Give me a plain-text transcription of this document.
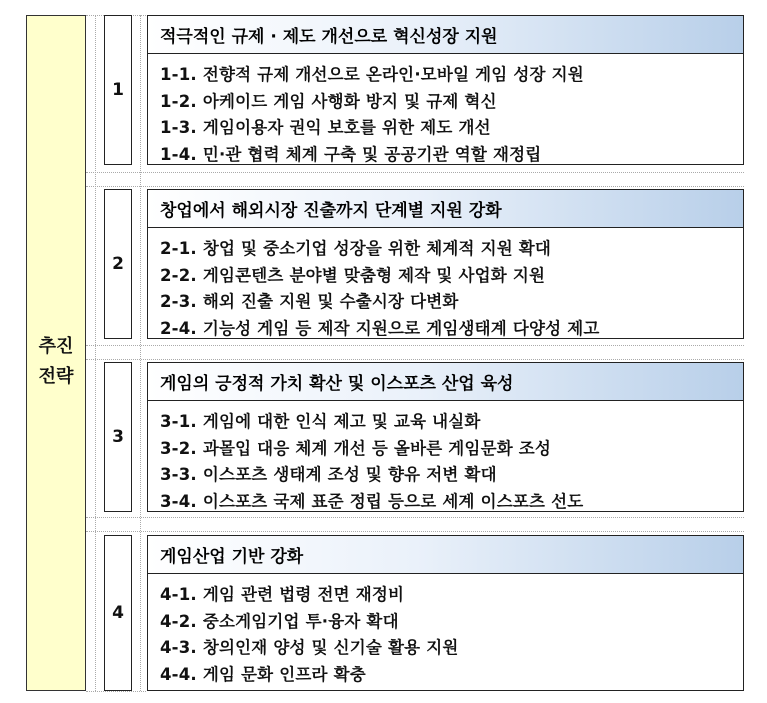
추진
전략
1
적극적인 규제 · 제도 개선으로 혁신성장 지원
1-1. 전향적 규제 개선으로 온라인·모바일 게임 성장 지원
1-2. 아케이드 게임 사행화 방지 및 규제 혁신
1-3. 게임이용자 권익 보호를 위한 제도 개선
1-4. 민·관 협력 체계 구축 및 공공기관 역할 재정립
2
창업에서 해외시장 진출까지 단계별 지원 강화
2-1. 창업 및 중소기업 성장을 위한 체계적 지원 확대
2-2. 게임콘텐츠 분야별 맞춤형 제작 및 사업화 지원
2-3. 해외 진출 지원 및 수출시장 다변화
2-4. 기능성 게임 등 제작 지원으로 게임생태계 다양성 제고
3
게임의 긍정적 가치 확산 및 이스포츠 산업 육성
3-1. 게임에 대한 인식 제고 및 교육 내실화
3-2. 과몰입 대응 체계 개선 등 올바른 게임문화 조성
3-3. 이스포츠 생태계 조성 및 향유 저변 확대
3-4. 이스포츠 국제 표준 정립 등으로 세계 이스포츠 선도
4
게임산업 기반 강화
4-1. 게임 관련 법령 전면 재정비
4-2. 중소게임기업 투·융자 확대
4-3. 창의인재 양성 및 신기술 활용 지원
4-4. 게임 문화 인프라 확충
